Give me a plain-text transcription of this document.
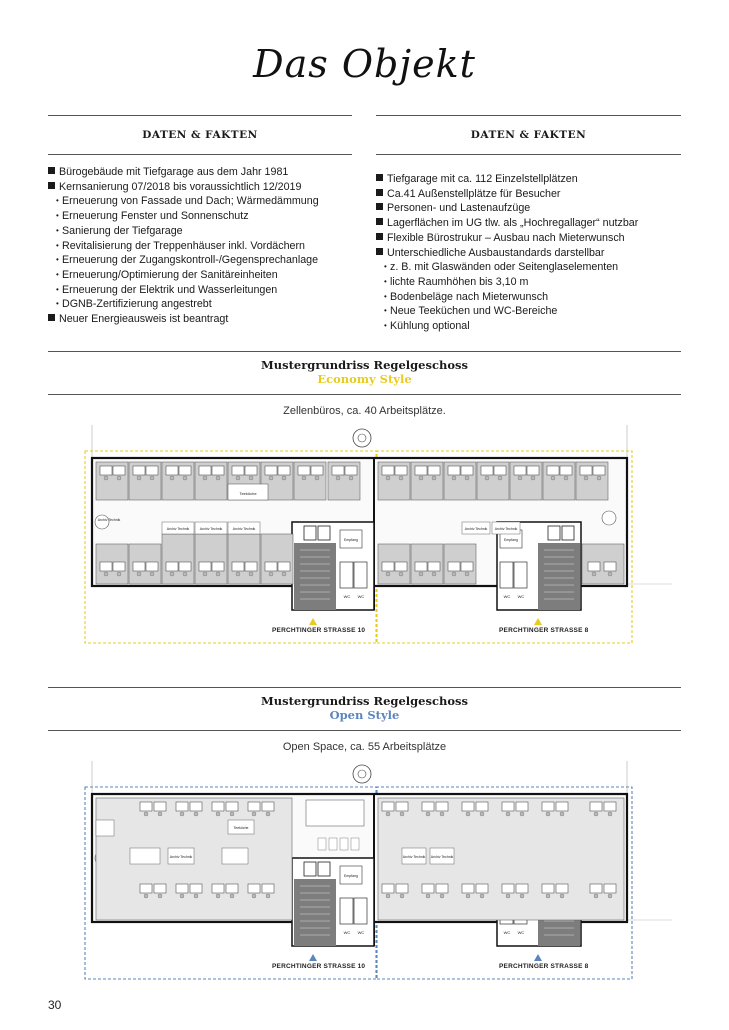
Das Objekt
DATEN & FAKTEN
Bürogebäude mit Tiefgarage aus dem Jahr 1981
Kernsanierung 07/2018 bis voraussichtlich 12/2019
• Erneuerung von Fassade und Dach; Wärmedämmung
• Erneuerung Fenster und Sonnenschutz
• Sanierung der Tiefgarage
• Revitalisierung der Treppenhäuser inkl. Vordächern
• Erneuerung der Zugangskontroll-/Gegensprechanlage
• Erneuerung/Optimierung der Sanitäreinheiten
• Erneuerung der Elektrik und Wasserleitungen
• DGNB-Zertifizierung angestrebt
Neuer Energieausweis ist beantragt
DATEN & FAKTEN
Tiefgarage mit ca. 112 Einzelstellplätzen
Ca.41 Außenstellplätze für Besucher
Personen- und Lastenaufzüge
Lagerflächen im UG tlw. als „Hochregallager“ nutzbar
Flexible Bürostrukur – Ausbau nach Mieterwunsch
Unterschiedliche Ausbaustandards darstellbar
• z. B. mit Glaswänden oder Seitenglaselementen
• lichte Raumhöhen bis 3,10 m
• Bodenbeläge nach Mieterwunsch
• Neue Teeküchen und WC-Bereiche
• Kühlung optional
Mustergrundriss Regelgeschoss
Economy Style
Zellenbüros, ca. 40 Arbeitsplätze.
WC WC	WC WC
Empfang	Empfang
Teeküche
Archiv Technik	Archiv Technik	Archiv Technik	Archiv Technik Archiv Technik
Archiv Technik
Mustergrundriss Regelgeschoss
Open Style
Open Space, ca. 55 Arbeitsplätze
WC WC	WC WC
Empfang
Archiv Technik
Teeküche
Archiv Technik Archiv Technik
30
PERCHTINGER STRASSE 10	PERCHTINGER STRASSE 8
PERCHTINGER STRASSE 10	PERCHTINGER STRASSE 8
